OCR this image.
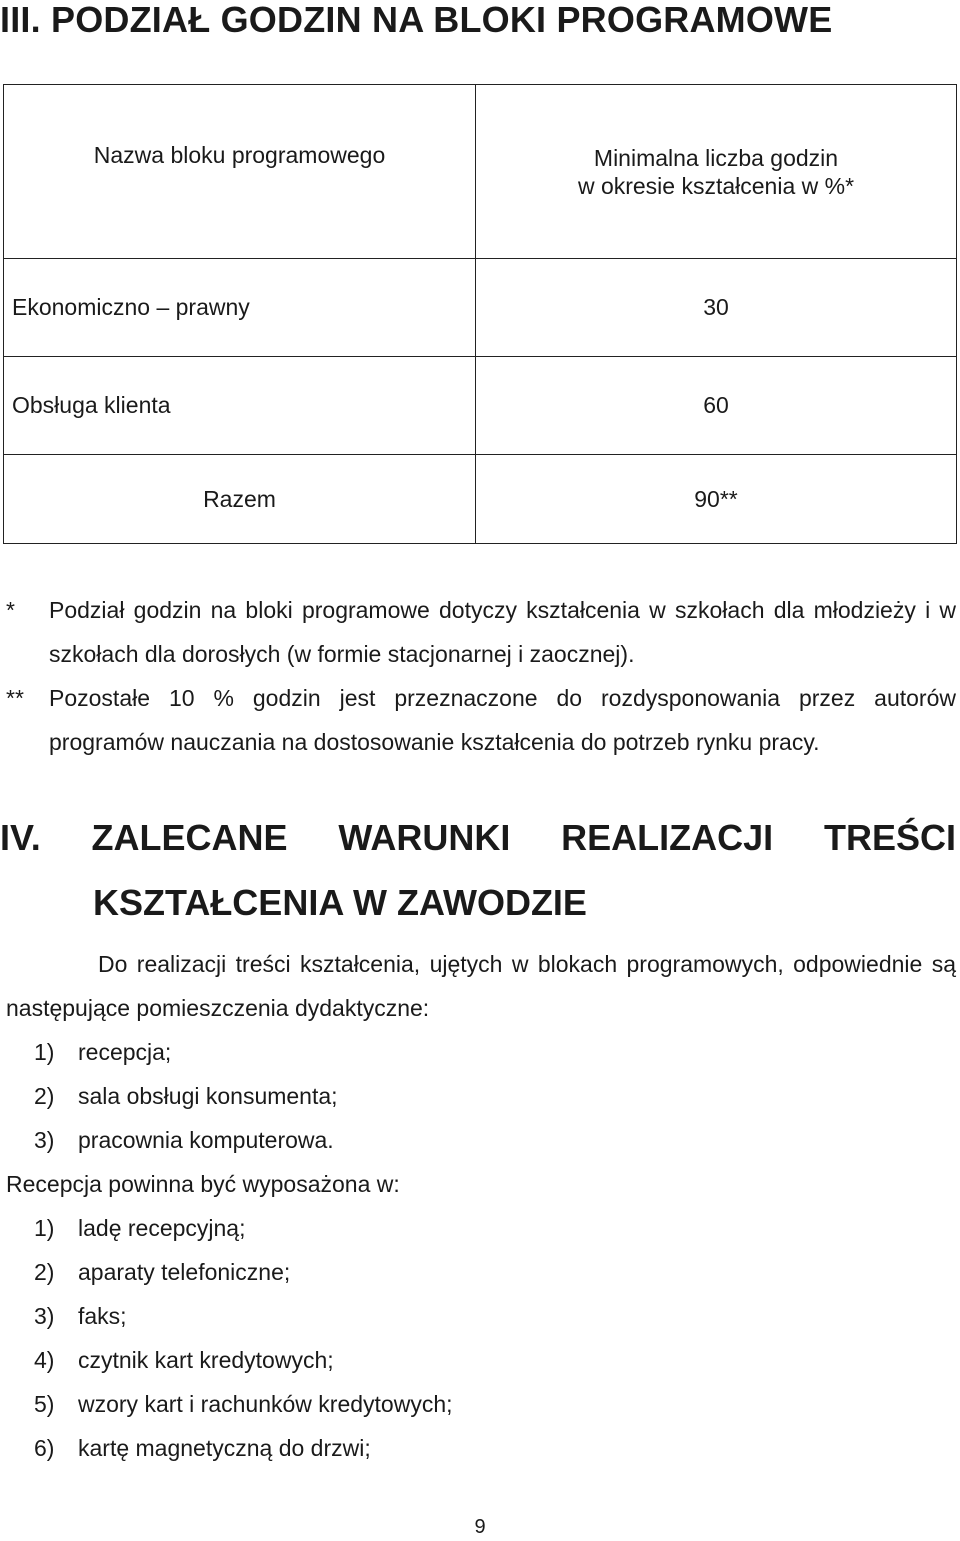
III. PODZIAŁ GODZIN NA BLOKI PROGRAMOWE
Nazwa bloku programowego	Minimalna liczba godzin
w okresie kształcenia w %*

Ekonomiczno – prawny	30
Obsługa klienta	60
Razem	90**
* Podział godzin na bloki programowe dotyczy kształcenia w szkołach dla młodzieży i w szkołach dla dorosłych (w formie stacjonarnej i zaocznej).
** Pozostałe 10 % godzin jest przeznaczone do rozdysponowania przez autorów programów nauczania na dostosowanie kształcenia do potrzeb rynku pracy.
IV. ZALECANE WARUNKI REALIZACJI TREŚCI
KSZTAŁCENIA W ZAWODZIE
Do realizacji treści kształcenia, ujętych w blokach programowych, odpowiednie są następujące pomieszczenia dydaktyczne:
1) recepcja;
2) sala obsługi konsumenta;
3) pracownia komputerowa.

Recepcja powinna być wyposażona w:

1) ladę recepcyjną;
2) aparaty telefoniczne;
3) faks;
4) czytnik kart kredytowych;
5) wzory kart i rachunków kredytowych;
6) kartę magnetyczną do drzwi;
9
